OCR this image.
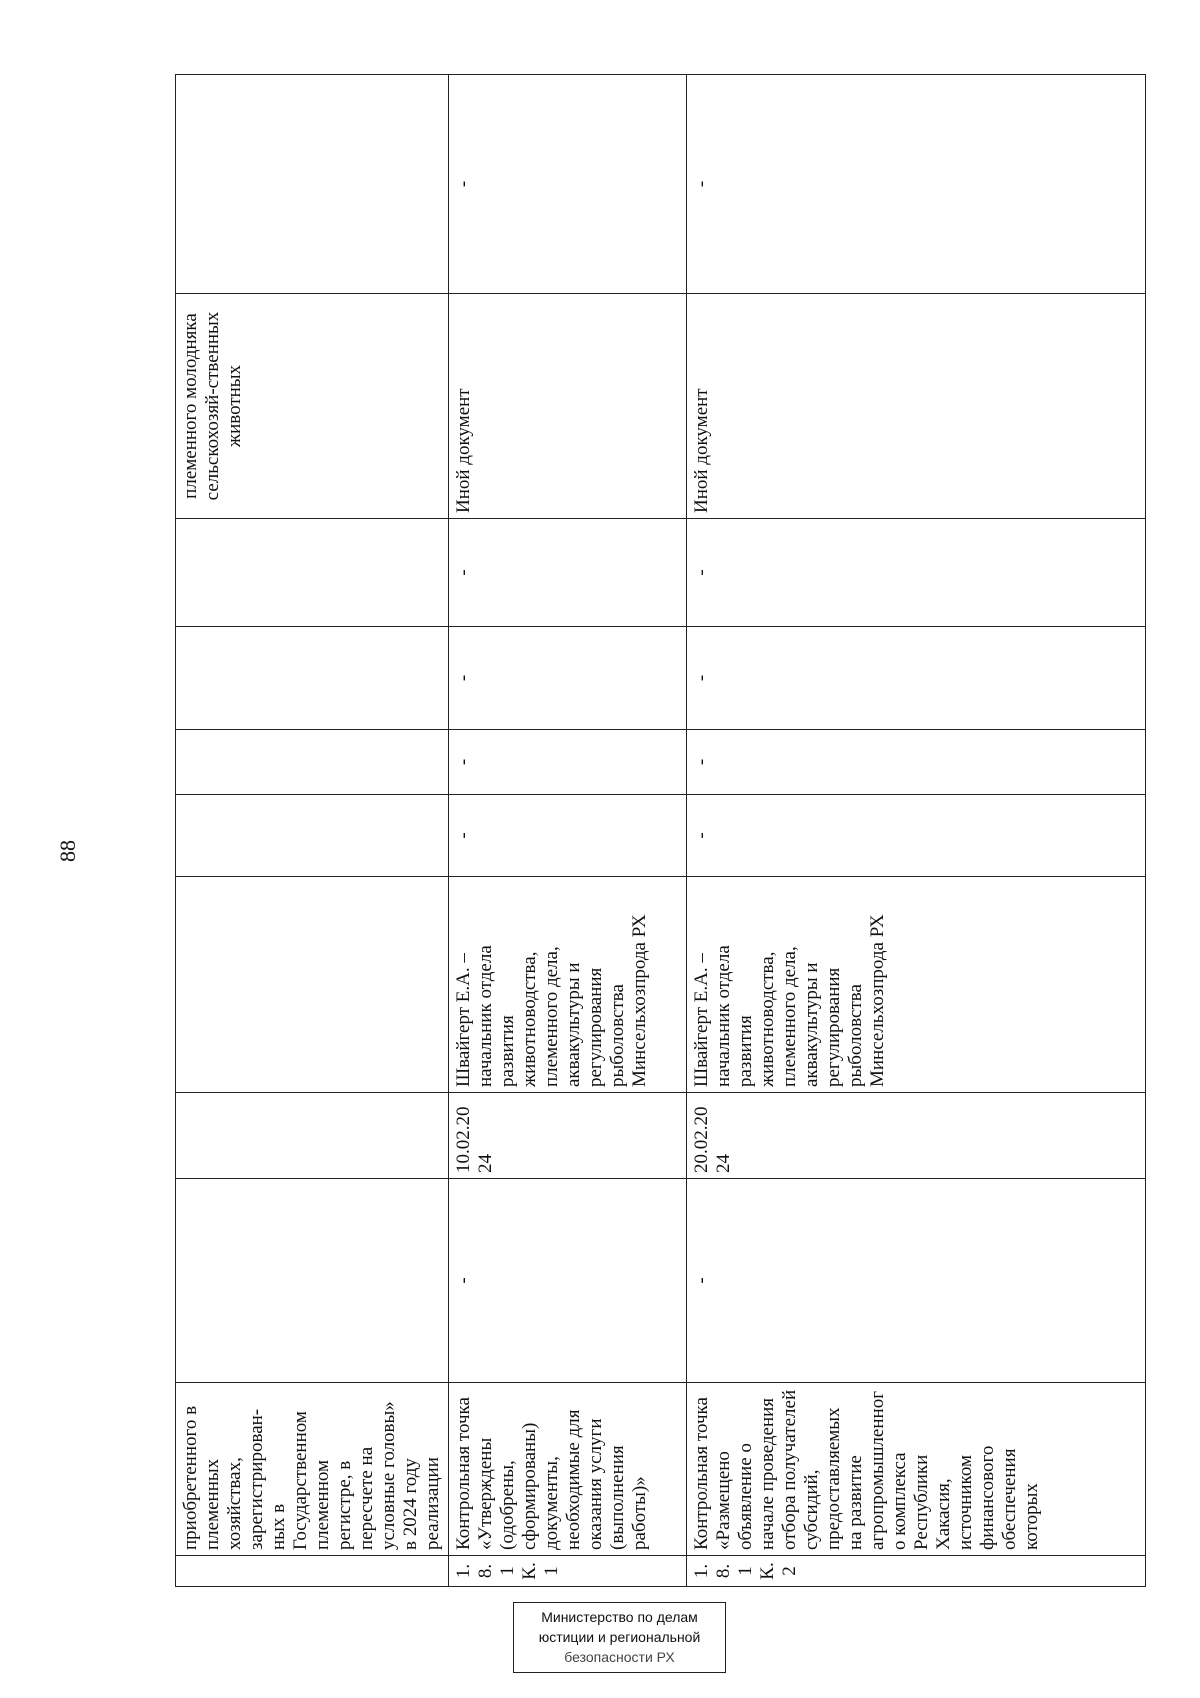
88
	приобретенного в племенных хозяйствах, зарегистрирован-ных в Государственном племенном регистре, в пересчете на условные головы» в 2024 году реализации								племенного молодняка сельскохозяй-ственных животных	
1.8.1 К.1	Контрольная точка «Утверждены (одобрены, сформированы) документы, необходимые для оказания услуги (выполнения работы)»	-	10.02.2024	Швайгерт Е.А. – начальник отдела развития животноводства, племенного дела, аквакультуры и регулирования рыболовства Минсельхозпрода РХ	-	-	-	-	Иной документ	-
1.8.1 К.2	Контрольная точка «Размещено объявление о начале проведения отбора получателей субсидий, предоставляемых на развитие агропромышленного комплекса Республики Хакасия, источником финансового обеспечения которых	-	20.02.2024	Швайгерт Е.А. – начальник отдела развития животноводства, племенного дела, аквакультуры и регулирования рыболовства Минсельхозпрода РХ	-	-	-	-	Иной документ	-
Министерство по делам
юстиции и региональной
безопасности РХ
